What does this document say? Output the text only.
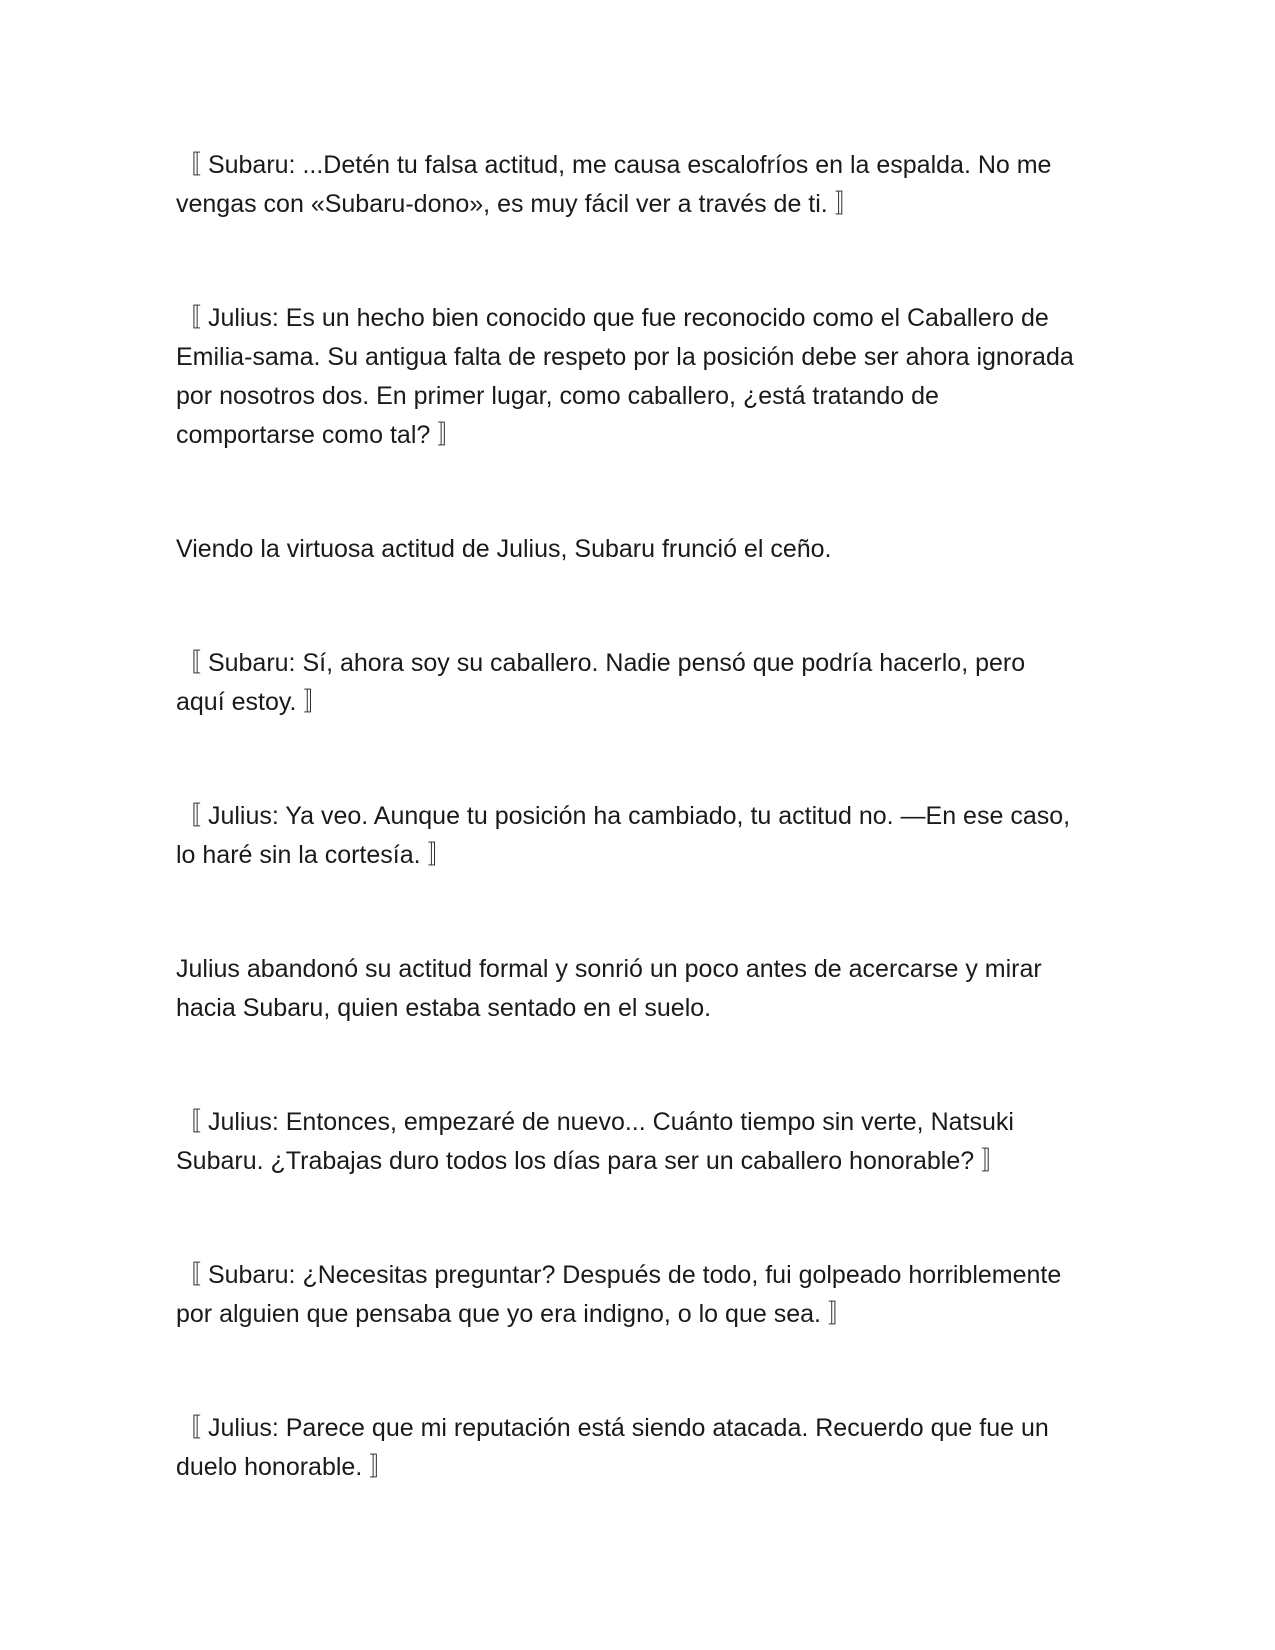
〚 Subaru: ...Detén tu falsa actitud, me causa escalofríos en la espalda. No me vengas con «Subaru-dono», es muy fácil ver a través de ti. 〛

〚 Julius: Es un hecho bien conocido que fue reconocido como el Caballero de Emilia-sama. Su antigua falta de respeto por la posición debe ser ahora ignorada por nosotros dos. En primer lugar, como caballero, ¿está tratando de comportarse como tal? 〛

Viendo la virtuosa actitud de Julius, Subaru frunció el ceño.

〚 Subaru: Sí, ahora soy su caballero. Nadie pensó que podría hacerlo, pero aquí estoy. 〛

〚 Julius: Ya veo. Aunque tu posición ha cambiado, tu actitud no. —En ese caso, lo haré sin la cortesía. 〛

Julius abandonó su actitud formal y sonrió un poco antes de acercarse y mirar hacia Subaru, quien estaba sentado en el suelo.

〚 Julius: Entonces, empezaré de nuevo... Cuánto tiempo sin verte, Natsuki Subaru. ¿Trabajas duro todos los días para ser un caballero honorable? 〛

〚 Subaru: ¿Necesitas preguntar? Después de todo, fui golpeado horriblemente por alguien que pensaba que yo era indigno, o lo que sea. 〛

〚 Julius: Parece que mi reputación está siendo atacada. Recuerdo que fue un duelo honorable. 〛
